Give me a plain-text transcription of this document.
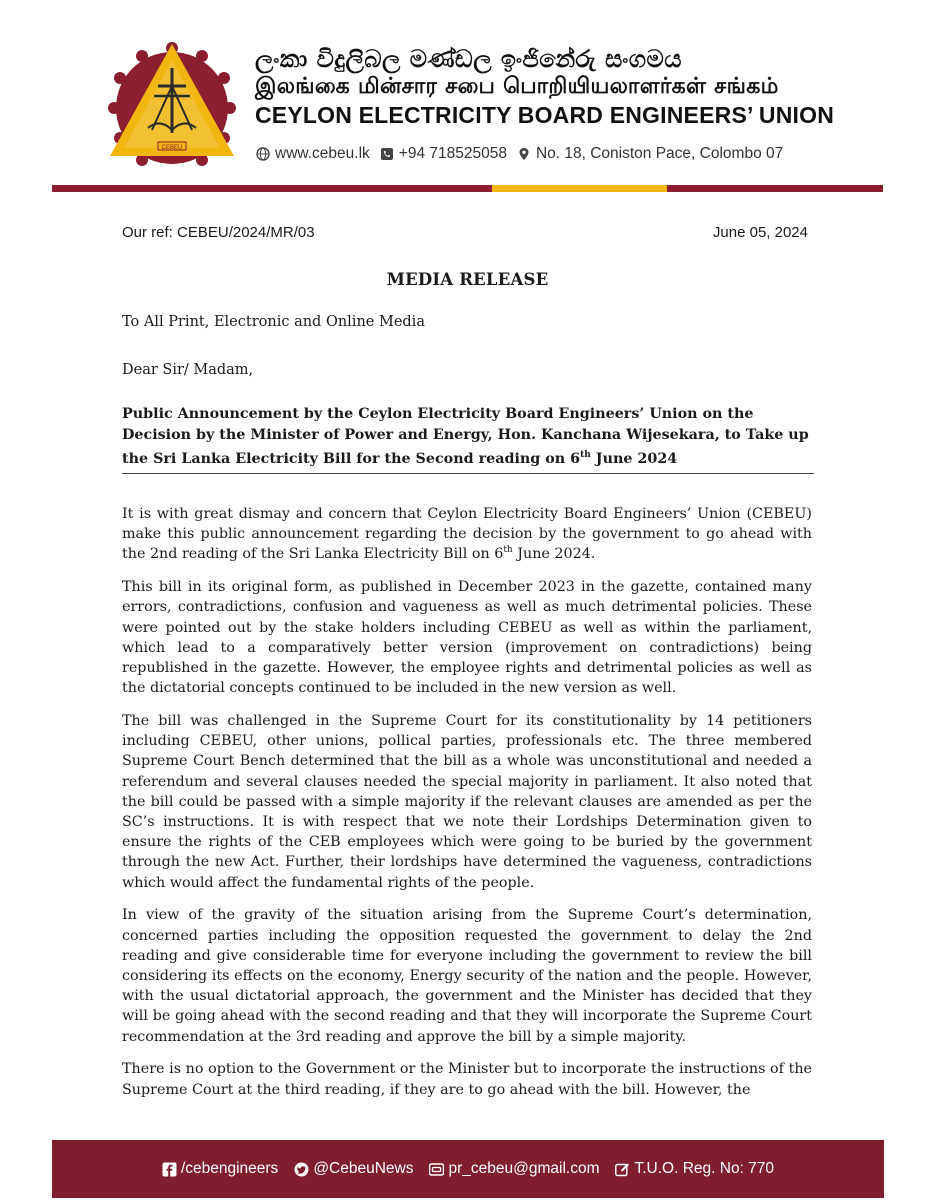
CEBEU
ලංකා විදුලිබල මණ්ඩල ඉංජිනේරු සංගමය
இலங்கை மின்சார சபை பொறியியலாளர்கள் சங்கம்
CEYLON ELECTRICITY BOARD ENGINEERS’ UNION
www.cebeu.lk +94 718525058 No. 18, Coniston Pace, Colombo 07
Our ref: CEBEU/2024/MR/03	June 05, 2024
MEDIA RELEASE
To All Print, Electronic and Online Media
Dear Sir/ Madam,
Public Announcement by the Ceylon Electricity Board Engineers’ Union on the Decision by the Minister of Power and Energy, Hon. Kanchana Wijesekara, to Take up the Sri Lanka Electricity Bill for the Second reading on 6th June 2024

It is with great dismay and concern that Ceylon Electricity Board Engineers’ Union (CEBEU) make this public announcement regarding the decision by the government to go ahead with the 2nd reading of the Sri Lanka Electricity Bill on 6th June 2024.

This bill in its original form, as published in December 2023 in the gazette, contained many errors, contradictions, confusion and vagueness as well as much detrimental policies. These were pointed out by the stake holders including CEBEU as well as within the parliament, which lead to a comparatively better version (improvement on contradictions) being republished in the gazette. However, the employee rights and detrimental policies as well as the dictatorial concepts continued to be included in the new version as well.

The bill was challenged in the Supreme Court for its constitutionality by 14 petitioners including CEBEU, other unions, pollical parties, professionals etc. The three membered Supreme Court Bench determined that the bill as a whole was unconstitutional and needed a referendum and several clauses needed the special majority in parliament. It also noted that the bill could be passed with a simple majority if the relevant clauses are amended as per the SC’s instructions. It is with respect that we note their Lordships Determination given to ensure the rights of the CEB employees which were going to be buried by the government through the new Act. Further, their lordships have determined the vagueness, contradictions which would affect the fundamental rights of the people.

In view of the gravity of the situation arising from the Supreme Court’s determination, concerned parties including the opposition requested the government to delay the 2nd reading and give considerable time for everyone including the government to review the bill considering its effects on the economy, Energy security of the nation and the people. However, with the usual dictatorial approach, the government and the Minister has decided that they will be going ahead with the second reading and that they will incorporate the Supreme Court recommendation at the 3rd reading and approve the bill by a simple majority.

There is no option to the Government or the Minister but to incorporate the instructions of the Supreme Court at the third reading, if they are to go ahead with the bill. However, the

/cebengineers @CebeuNews pr_cebeu@gmail.com T.U.O. Reg. No: 770
